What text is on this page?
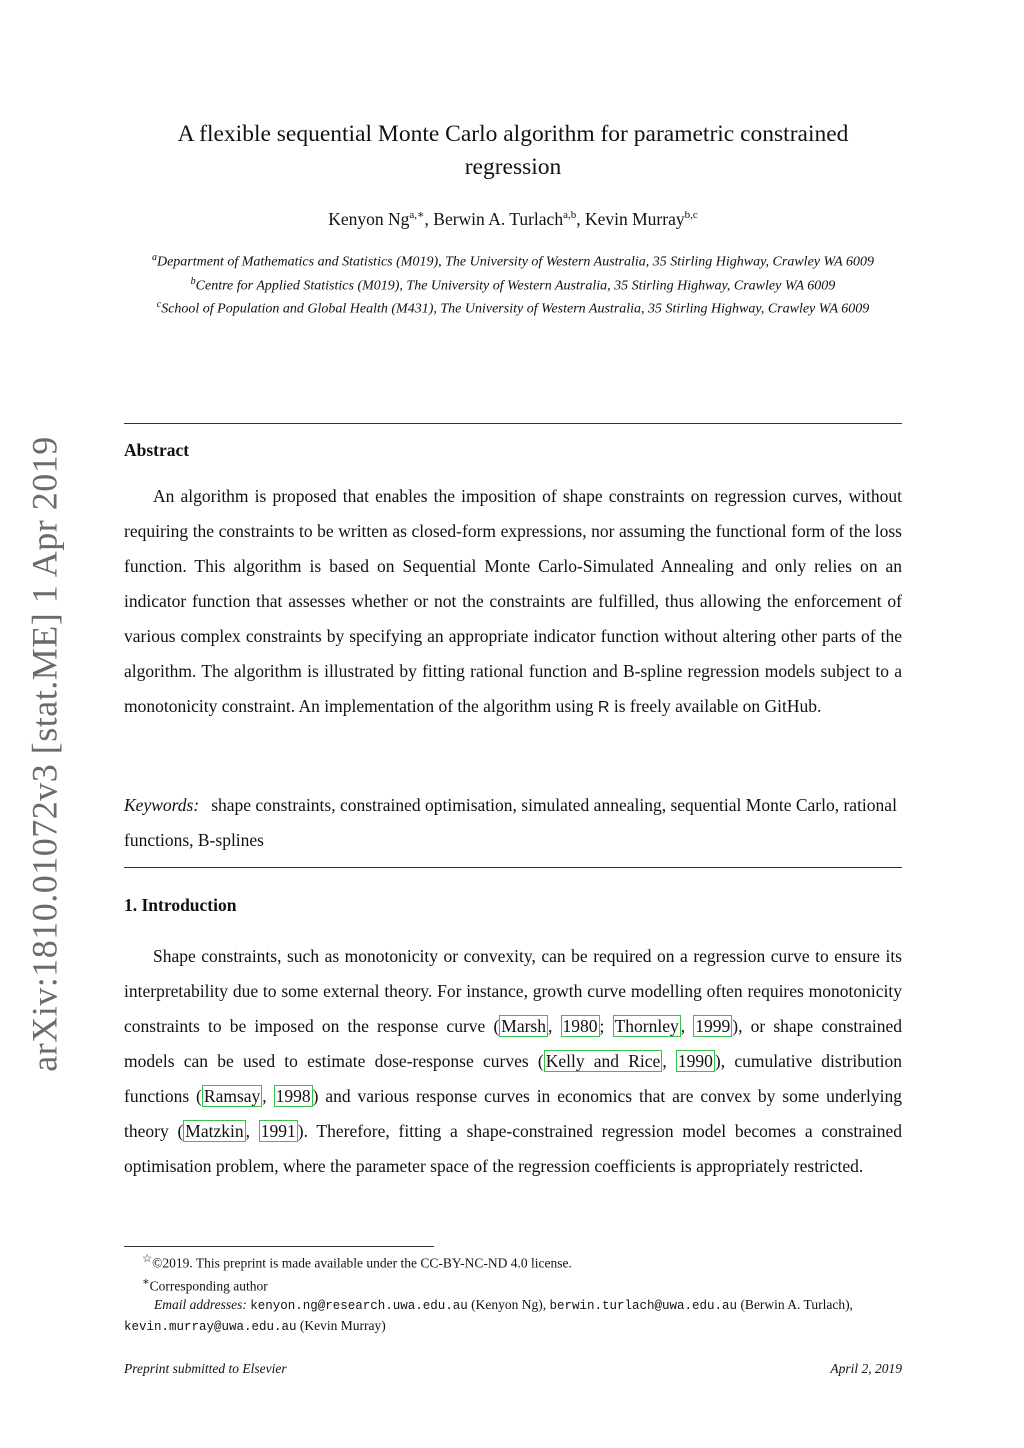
arXiv:1810.01072v3 [stat.ME] 1 Apr 2019
A flexible sequential Monte Carlo algorithm for parametric constrained
regression
Kenyon $Ng^{a,∗}$, Berwin A. Turlach$^{a,b}$, Kevin Murray$^{b,c}$

$^a$Department of Mathematics and Statistics (M019), The University of Western Australia, 35 Stirling Highway, Crawley WA 6009

$^b$Centre for Applied Statistics (M019), The University of Western Australia, 35 Stirling Highway, Crawley WA 6009

$^c$School of Population and Global Health (M431), The University of Western Australia, 35 Stirling Highway, Crawley WA 6009

Abstract

An algorithm is proposed that enables the imposition of shape constraints on regression curves, without requiring the constraints to be written as closed-form expressions, nor assuming the functional form of the loss function. This algorithm is based on Sequential Monte Carlo-Simulated Annealing and only relies on an indicator function that assesses whether or not the constraints are fulfilled, thus allowing the enforcement of various complex constraints by specifying an appropriate indicator function without altering other parts of the algorithm. The algorithm is illustrated by fitting rational function and B-spline regression models subject to a monotonicity constraint. An implementation of the algorithm using R is freely available on GitHub.

Keywords: shape constraints, constrained optimisation, simulated annealing, sequential Monte Carlo, rational functions, B-splines

1. Introduction

Shape constraints, such as monotonicity or convexity, can be required on a regression curve to ensure its interpretability due to some external theory. For instance, growth curve modelling often requires monotonicity constraints to be imposed on the response curve ( Marsh , 1980 ; Thornley , 1999 ), or shape constrained models can be used to estimate dose-response curves ( Kelly and Rice , 1990 ), cumulative distribution functions ( Ramsay , 1998 ) and various response curves in economics that are convex by some underlying theory ( Matzkin , 1991 ). Therefore, fitting a shape-constrained regression model becomes a constrained optimisation problem, where the parameter space of the regression coefficients is appropriately restricted.

☆©2019. This preprint is made available under the CC-BY-NC-ND 4.0 license.

∗Corresponding author

Email addresses: kenyon.ng@research.uwa.edu.au (Kenyon Ng), berwin.turlach@uwa.edu.au (Berwin A. Turlach), kevin.murray@uwa.edu.au (Kevin Murray)

Preprint submitted to Elsevier	April 2, 2019
